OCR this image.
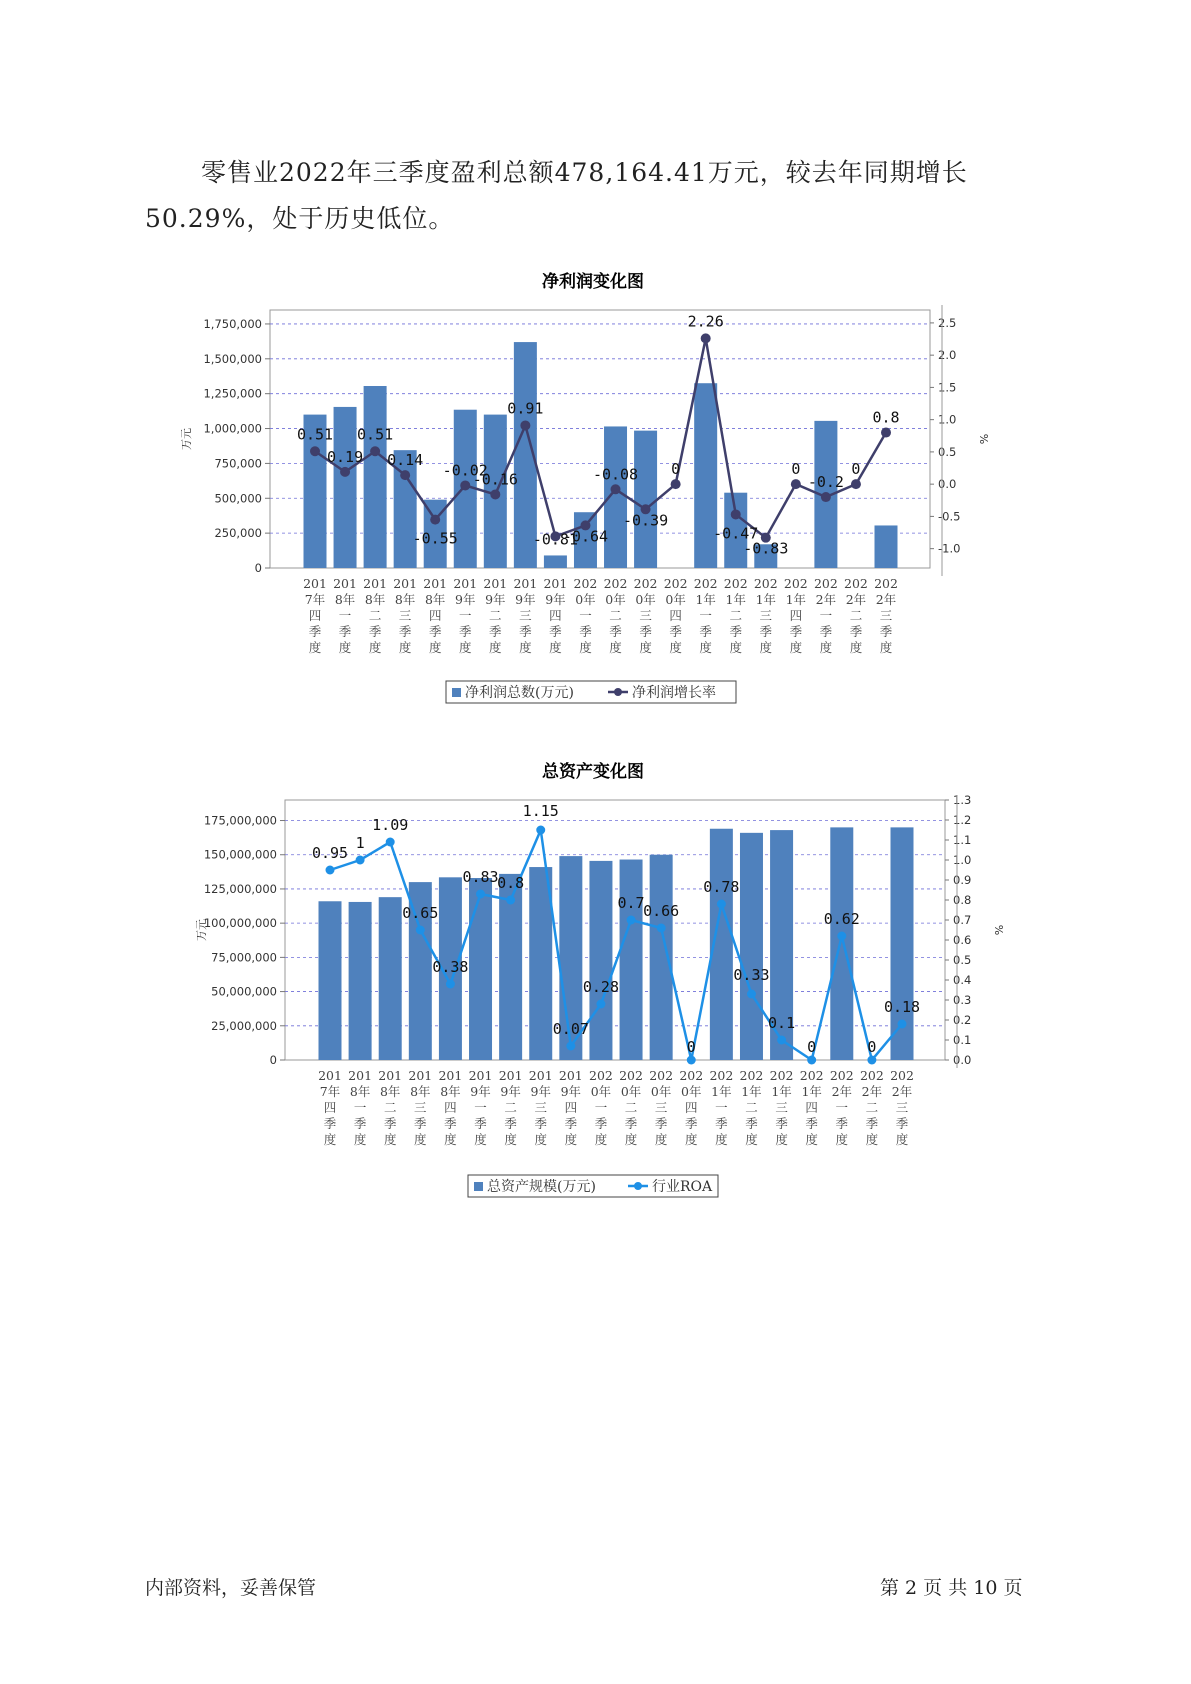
零售业2022年三季度盈利总额478,164.41万元，较去年同期增长50.29%，处于历史低位。

净利润变化图
0
250,000
500,000
750,000
1,000,000
1,250,000
1,500,000
1,750,000
-1.0
-0.5
0.0
0.5
1.0
1.5
2.0
2.5
万元	%
201 7年四季度
201 8年一季度
201 8年二季度
201 8年三季度
201 8年四季度
201 9年一季度
201 9年二季度
201 9年三季度
201 9年四季度
202 0年一季度
202 0年二季度
202 0年三季度
202 0年四季度
202 1年一季度
202 1年二季度
202 1年三季度
202 1年四季度
202 2年一季度
202 2年二季度
202 2年三季度
0.51
0.19
0.51
0.14
-0.55
-0.02
-0.16
0.91
-0.81
-0.64
-0.08
-0.39
0
2.26
-0.47
-0.83
0
-0.2
0
0.8
净利润总数(万元)	净利润增长率
总资产变化图
0
25,000,000
50,000,000
75,000,000
100,000,000
125,000,000
150,000,000
175,000,000
0.0
0.1
0.2
0.3
0.4
0.5
0.6
0.7
0.8
0.9
1.0
1.1
1.2
1.3
万元	%
201 7年四季度
201 8年一季度
201 8年二季度
201 8年三季度
201 8年四季度
201 9年一季度
201 9年二季度
201 9年三季度
201 9年四季度
202 0年一季度
202 0年二季度
202 0年三季度
202 0年四季度
202 1年一季度
202 1年二季度
202 1年三季度
202 1年四季度
202 2年一季度
202 2年二季度
202 2年三季度
0.95
1
1.09
0.65
0.38
0.83
0.8
1.15
0.07
0.28
0.7
0.66
0
0.78
0.33
0.1
0
0.62
0
0.18
总资产规模(万元)	行业ROA
内部资料，妥善保管	第 2 页 共 10 页
